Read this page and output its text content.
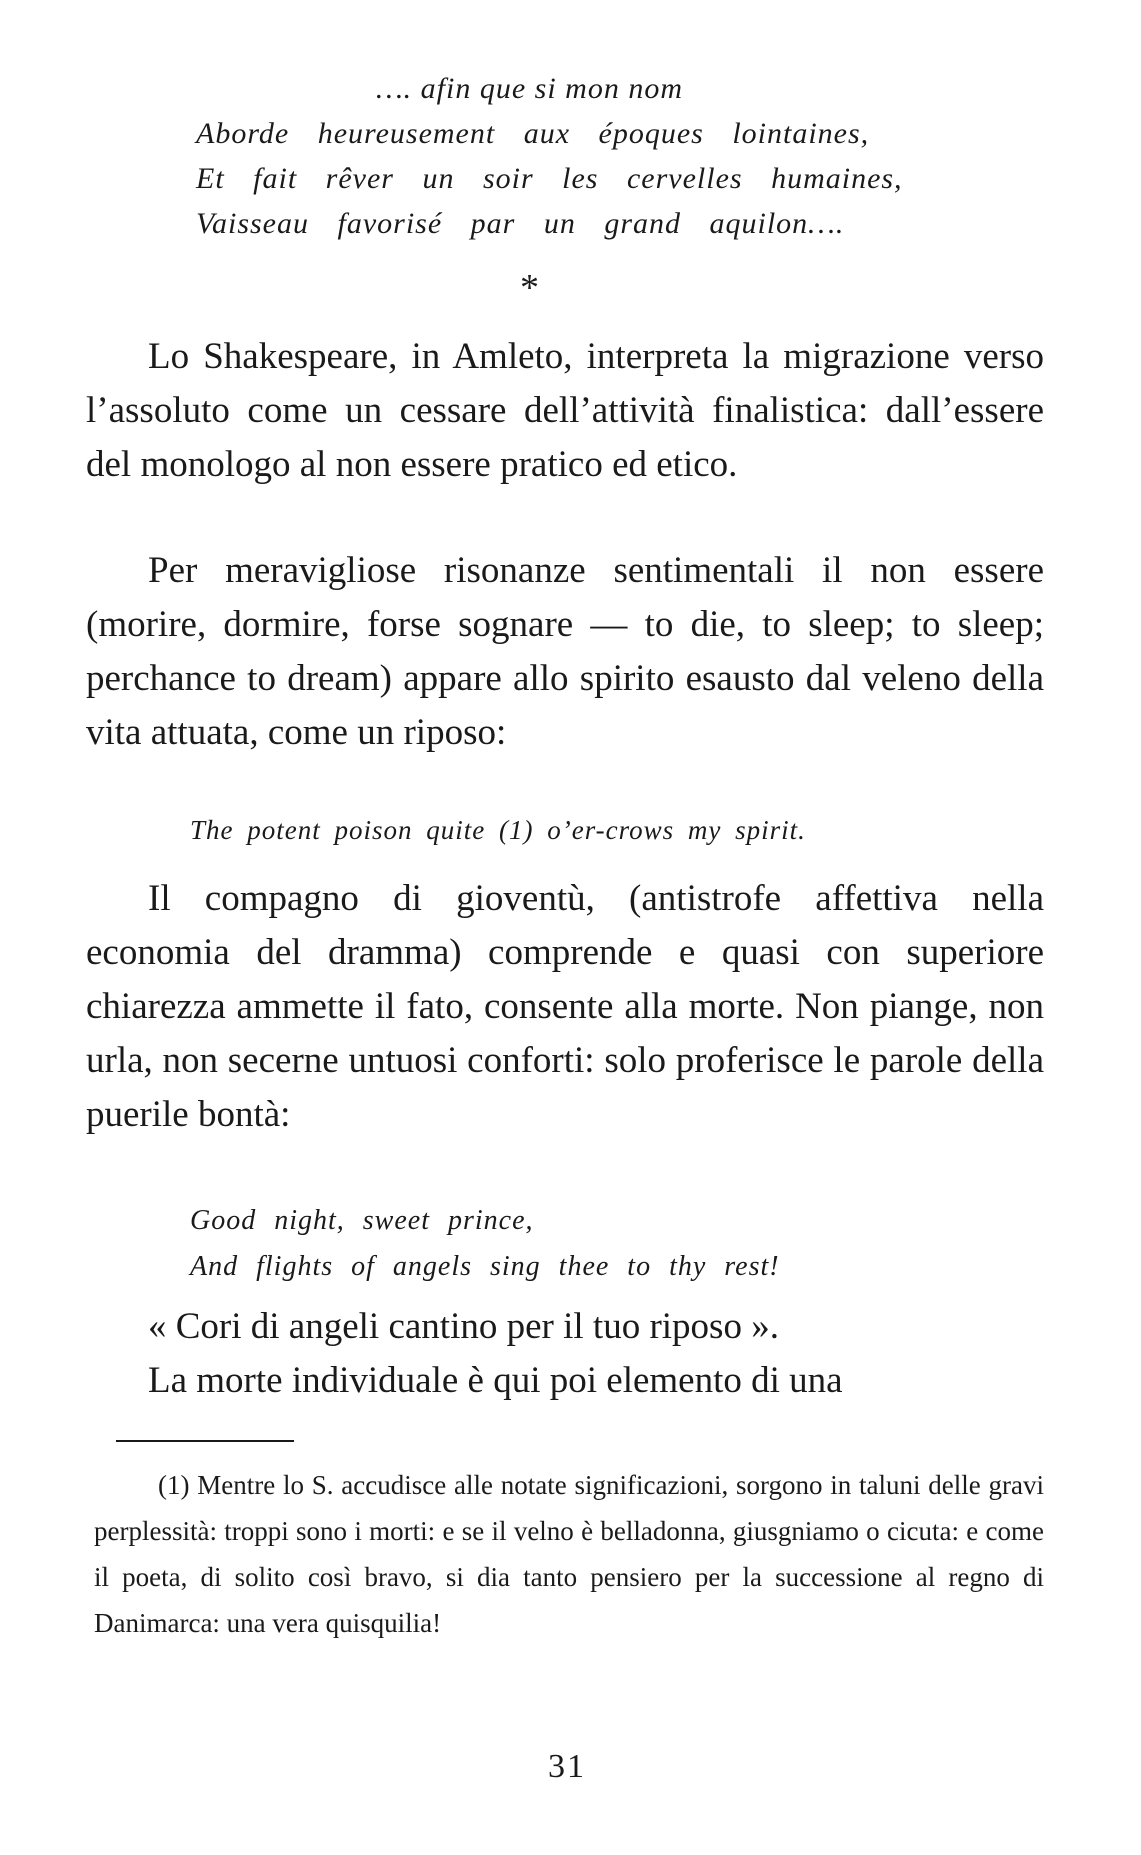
…. afin que si mon nom
Aborde heureusement aux époques lointaines,
Et fait rêver un soir les cervelles humaines,
Vaisseau favorisé par un grand aquilon….
*

Lo Shakespeare, in Amleto, interpreta la migrazione verso l’assoluto come un cessare dell’attività finalistica: dall’essere del monologo al non essere pratico ed etico.

Per meravigliose risonanze sentimentali il non essere (morire, dormire, forse sognare — to die, to sleep; to sleep; perchance to dream) appare allo spirito esausto dal veleno della vita attuata, come un riposo:

The potent poison quite (1) o’er-crows my spirit.

Il compagno di gioventù, (antistrofe affettiva nella economia del dramma) comprende e quasi con superiore chiarezza ammette il fato, consente alla morte. Non piange, non urla, non secerne untuosi conforti: solo proferisce le parole della puerile bontà:

Good night, sweet prince,
And flights of angels sing thee to thy rest!
« Cori di angeli cantino per il tuo riposo ».
La morte individuale è qui poi elemento di una

(1) Mentre lo S. accudisce alle notate significazioni, sorgono in taluni delle gravi perplessità: troppi sono i morti: e se il velno è belladonna, giusgniamo o cicuta: e come il poeta, di solito così bravo, si dia tanto pensiero per la successione al regno di Danimarca: una vera quisquilia!

31
